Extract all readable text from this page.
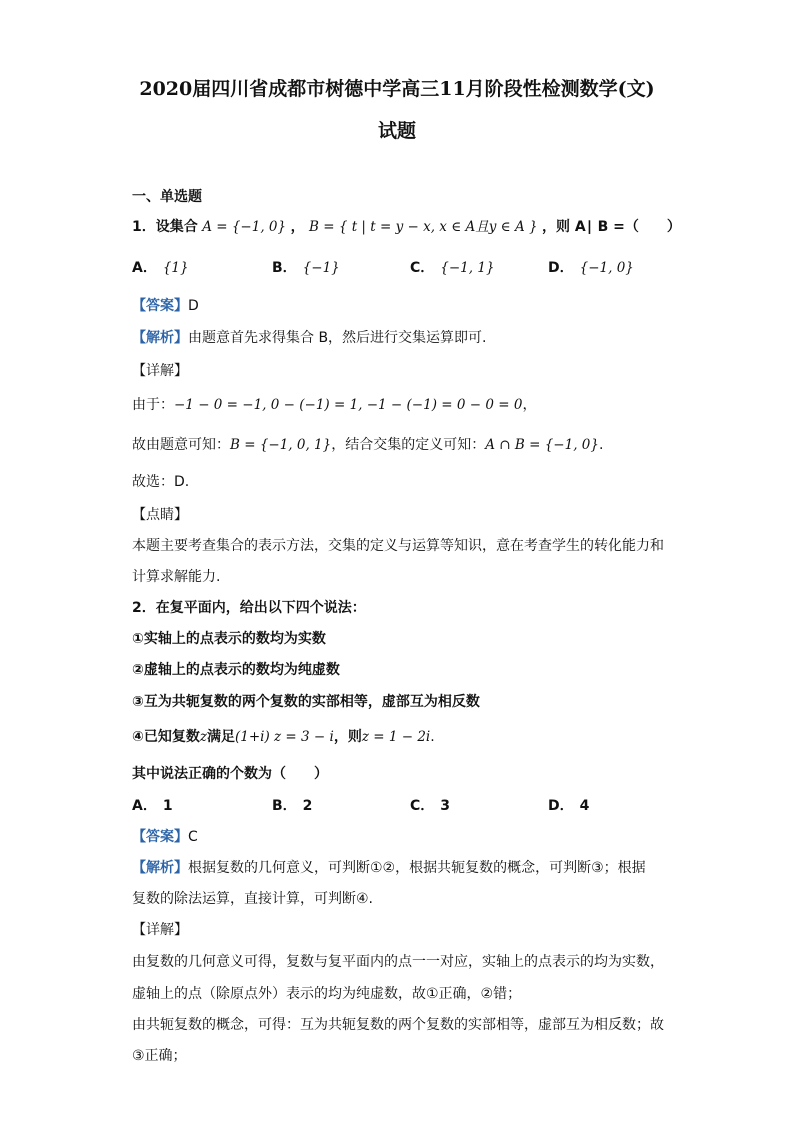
2020届四川省成都市树德中学高三11月阶段性检测数学(文)
试题
一、单选题
1．设集合 A = {−1, 0} ， B = { t | t = y − x, x ∈ A且y ∈ A } ，则 A∣ B =（　　）
A． {1}	B． {−1}	C． {−1, 1}	D． {−1, 0}
【答案】D
【解析】由题意首先求得集合 B，然后进行交集运算即可.
【详解】
由于：−1 − 0 = −1, 0 − (−1) = 1, −1 − (−1) = 0 − 0 = 0，
故由题意可知：B = {−1, 0, 1}，结合交集的定义可知：A ∩ B = {−1, 0}.
故选：D.
【点睛】
本题主要考查集合的表示方法，交集的定义与运算等知识，意在考查学生的转化能力和
计算求解能力.
2．在复平面内，给出以下四个说法：
①实轴上的点表示的数均为实数
②虚轴上的点表示的数均为纯虚数
③互为共轭复数的两个复数的实部相等，虚部互为相反数
④已知复数z满足(1+i) z = 3 − i，则z = 1 − 2i.
其中说法正确的个数为（　　）
A． 1	B． 2	C． 3	D． 4
【答案】C
【解析】根据复数的几何意义，可判断①②，根据共轭复数的概念，可判断③；根据
复数的除法运算，直接计算，可判断④.
【详解】
由复数的几何意义可得，复数与复平面内的点一一对应，实轴上的点表示的均为实数，
虚轴上的点（除原点外）表示的均为纯虚数，故①正确，②错；
由共轭复数的概念，可得：互为共轭复数的两个复数的实部相等，虚部互为相反数；故
③正确；
